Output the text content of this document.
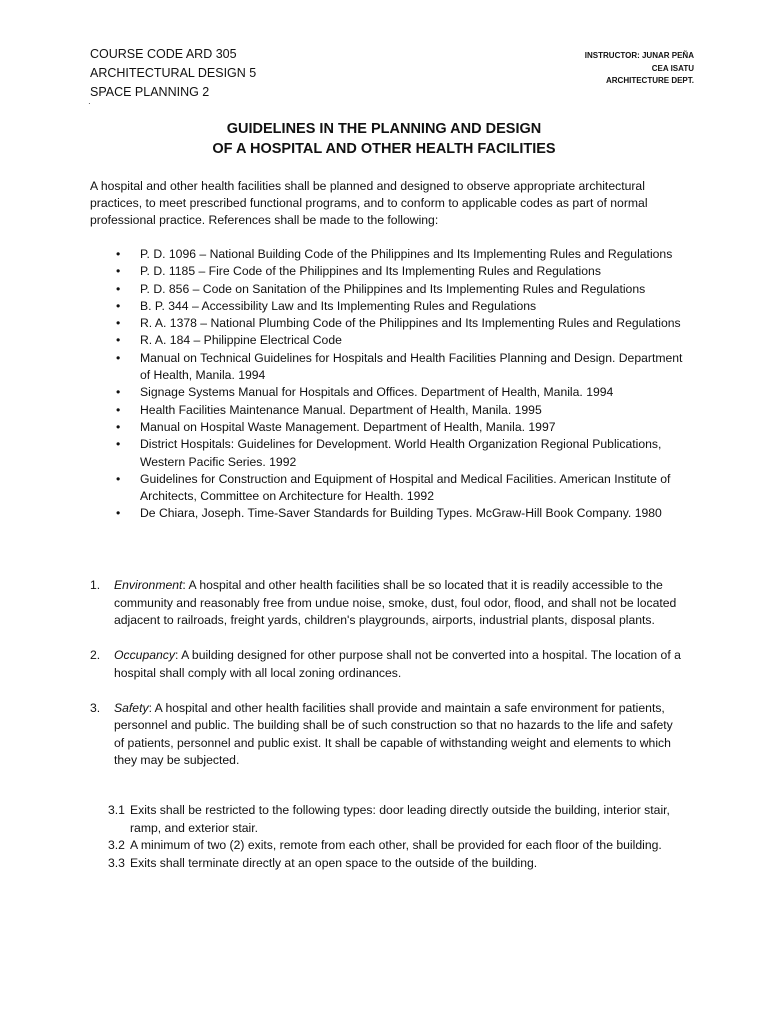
COURSE CODE ARD 305
ARCHITECTURAL DESIGN 5
SPACE PLANNING 2
INSTRUCTOR: JUNAR PEÑA
CEA ISATU
ARCHITECTURE DEPT.
·
GUIDELINES IN THE PLANNING AND DESIGN
OF A HOSPITAL AND OTHER HEALTH FACILITIES

A hospital and other health facilities shall be planned and designed to observe appropriate architectural practices, to meet prescribed functional programs, and to conform to applicable codes as part of normal professional practice. References shall be made to the following:

• P. D. 1096 – National Building Code of the Philippines and Its Implementing Rules and Regulations
• P. D. 1185 – Fire Code of the Philippines and Its Implementing Rules and Regulations
• P. D. 856 – Code on Sanitation of the Philippines and Its Implementing Rules and Regulations
• B. P. 344 – Accessibility Law and Its Implementing Rules and Regulations
• R. A. 1378 – National Plumbing Code of the Philippines and Its Implementing Rules and Regulations
• R. A. 184 – Philippine Electrical Code
• Manual on Technical Guidelines for Hospitals and Health Facilities Planning and Design. Department of Health, Manila. 1994
• Signage Systems Manual for Hospitals and Offices. Department of Health, Manila. 1994
• Health Facilities Maintenance Manual. Department of Health, Manila. 1995
• Manual on Hospital Waste Management. Department of Health, Manila. 1997
• District Hospitals: Guidelines for Development. World Health Organization Regional Publications, Western Pacific Series. 1992
• Guidelines for Construction and Equipment of Hospital and Medical Facilities. American Institute of Architects, Committee on Architecture for Health. 1992
• De Chiara, Joseph. Time-Saver Standards for Building Types. McGraw-Hill Book Company. 1980
1. Environment: A hospital and other health facilities shall be so located that it is readily accessible to the community and reasonably free from undue noise, smoke, dust, foul odor, flood, and shall not be located adjacent to railroads, freight yards, children's playgrounds, airports, industrial plants, disposal plants.
2. Occupancy: A building designed for other purpose shall not be converted into a hospital. The location of a hospital shall comply with all local zoning ordinances.
3. Safety: A hospital and other health facilities shall provide and maintain a safe environment for patients, personnel and public. The building shall be of such construction so that no hazards to the life and safety of patients, personnel and public exist. It shall be capable of withstanding weight and elements to which they may be subjected.
3.1 Exits shall be restricted to the following types: door leading directly outside the building, interior stair, ramp, and exterior stair.
3.2 A minimum of two (2) exits, remote from each other, shall be provided for each floor of the building.
3.3 Exits shall terminate directly at an open space to the outside of the building.
